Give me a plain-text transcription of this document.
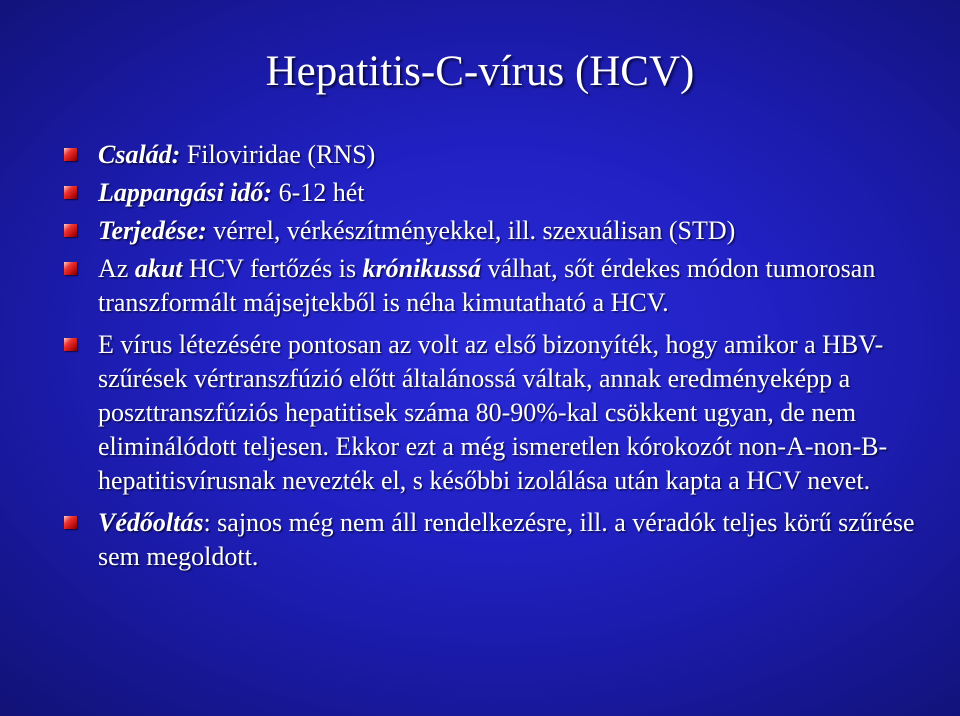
Hepatitis-C-vírus (HCV)
Család: Filoviridae (RNS)
Lappangási idő: 6-12 hét
Terjedése: vérrel, vérkészítményekkel, ill. szexuálisan (STD)
Az akut HCV fertőzés is krónikussá válhat, sőt érdekes módon tumorosan transzformált májsejtekből is néha kimutatható a HCV.
E vírus létezésére pontosan az volt az első bizonyíték, hogy amikor a HBV-szűrések vértranszfúzió előtt általánossá váltak, annak eredményeképp a poszttranszfúziós hepatitisek száma 80-90%-kal csökkent ugyan, de nem eliminálódott teljesen. Ekkor ezt a még ismeretlen kórokozót non-A-non-B-hepatitisvírusnak nevezték el, s későbbi izolálása után kapta a HCV nevet.
Védőoltás: sajnos még nem áll rendelkezésre, ill. a véradók teljes körű szűrése sem megoldott.
